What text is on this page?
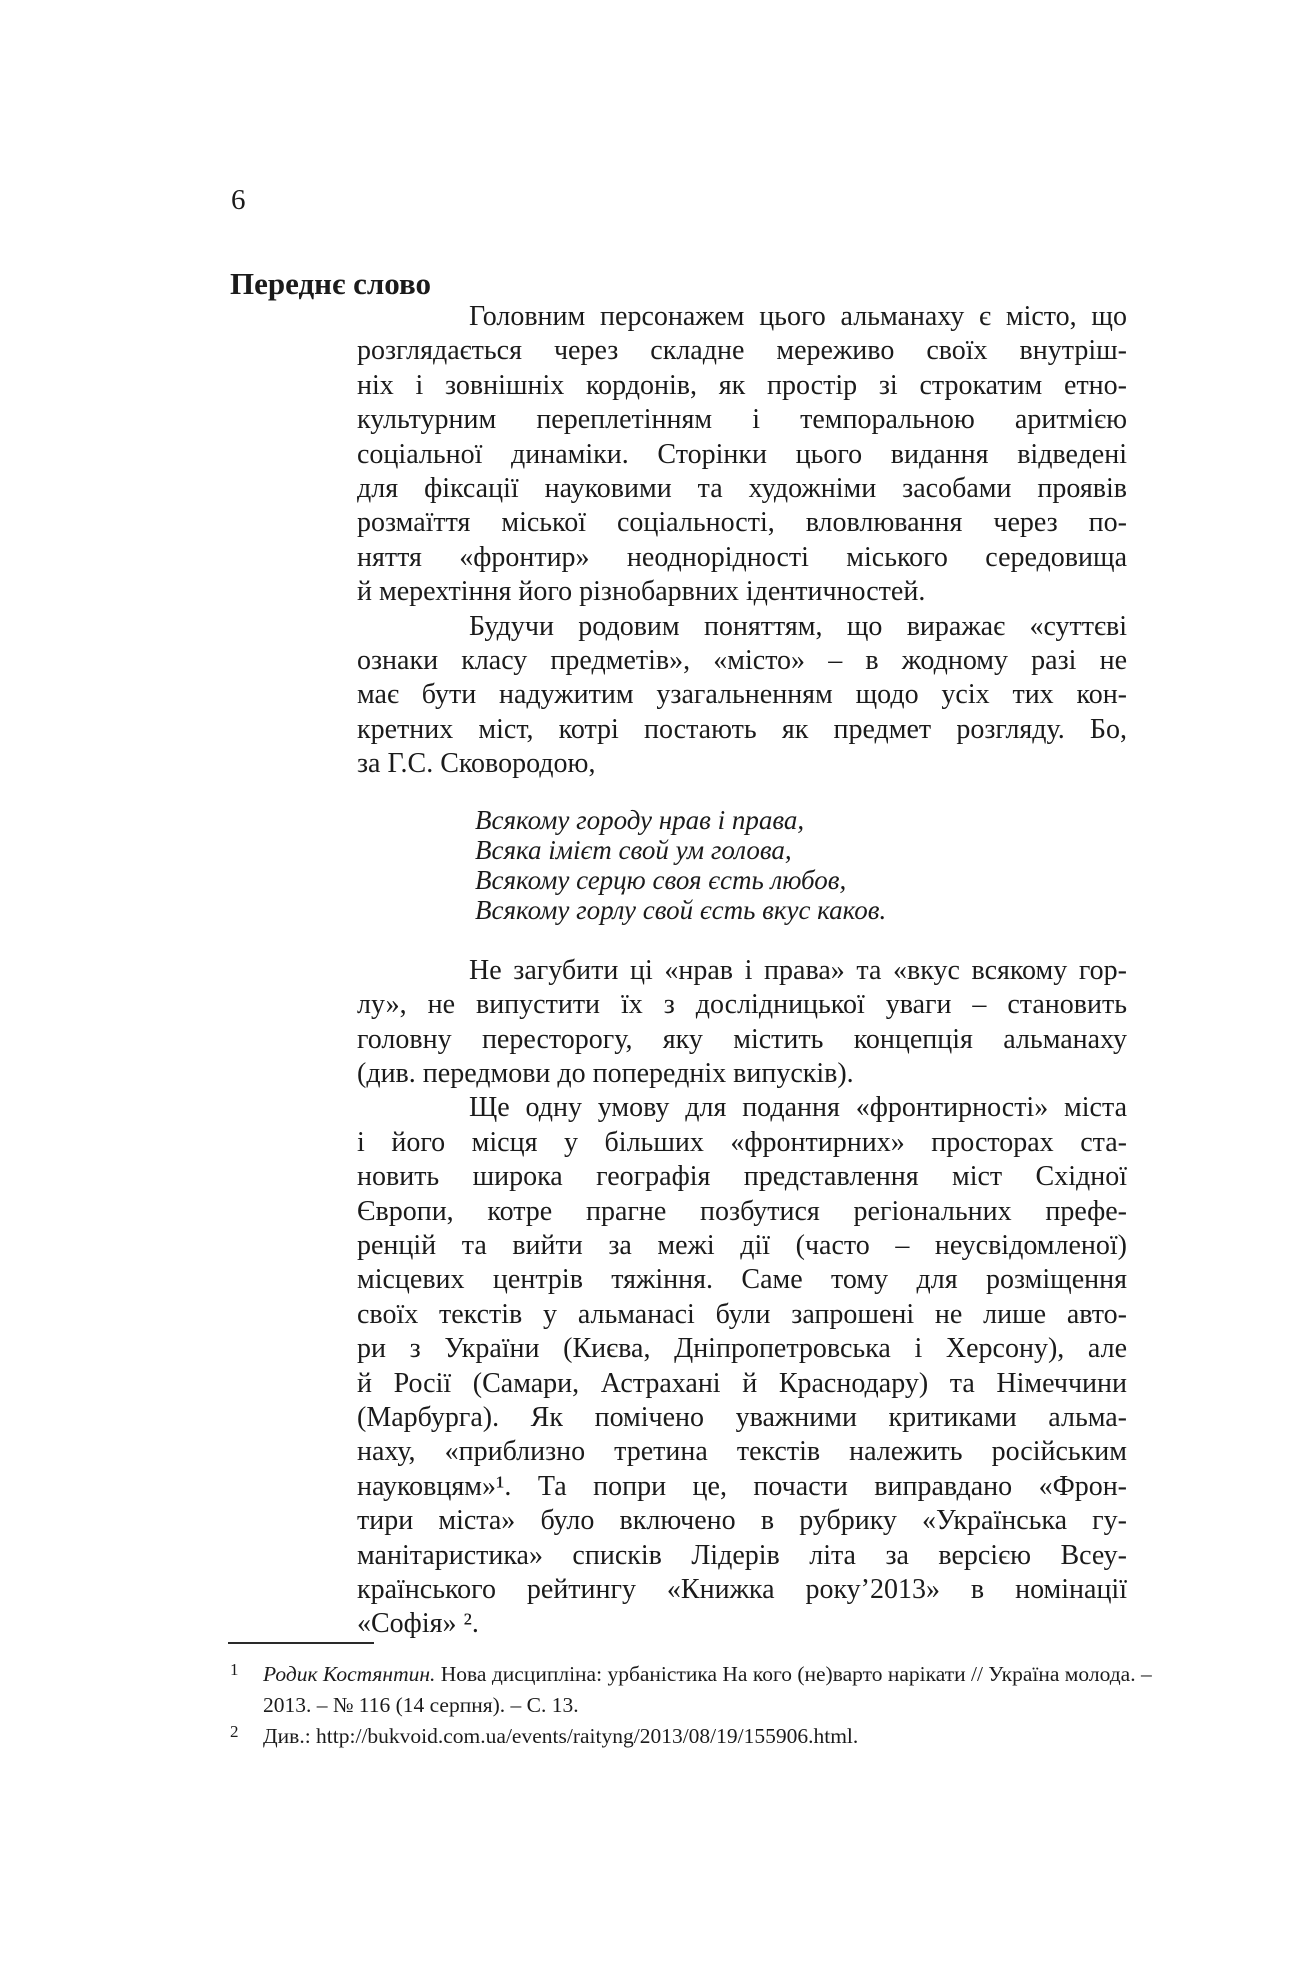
6
Переднє слово
Головним персонажем цього альманаху є місто, що
розглядається через складне мереживо своїх внутріш-
ніх і зовнішніх кордонів, як простір зі строкатим етно-
культурним переплетінням і темпоральною аритмією
соціальної динаміки. Сторінки цього видання відведені
для фіксації науковими та художніми засобами проявів
розмаїття міської соціальності, вловлювання через по-
няття «фронтир» неоднорідності міського середовища
й мерехтіння його різнобарвних ідентичностей.
Будучи родовим поняттям, що виражає «суттєві
ознаки класу предметів», «місто» – в жодному разі не
має бути надужитим узагальненням щодо усіх тих кон-
кретних міст, котрі постають як предмет розгляду. Бо,
за Г.С. Сковородою,
Всякому городу нрав і права,
Всяка імієт свой ум голова,
Всякому серцю своя єсть любов,
Всякому горлу свой єсть вкус каков.
Не загубити ці «нрав і права» та «вкус всякому гор-
лу», не випустити їх з дослідницької уваги – становить
головну пересторогу, яку містить концепція альманаху
(див. передмови до попередніх випусків).
Ще одну умову для подання «фронтирності» міста
і його місця у більших «фронтирних» просторах ста-
новить широка географія представлення міст Східної
Європи, котре прагне позбутися регіональних префе-
ренцій та вийти за межі дії (часто – неусвідомленої)
місцевих центрів тяжіння. Саме тому для розміщення
своїх текстів у альманасі були запрошені не лише авто-
ри з України (Києва, Дніпропетровська і Херсону), але
й Росії (Самари, Астрахані й Краснодару) та Німеччини
(Марбурга). Як помічено уважними критиками альма-
наху, «приблизно третина текстів належить російським
науковцям»¹. Та попри це, почасти виправдано «Фрон-
тири міста» було включено в рубрику «Українська гу-
манітаристика» списків Лідерів літа за версією Всеу-
країнського рейтингу «Книжка року’2013» в номінації
«Софія» ².
1 Родик Костянтин. Нова дисципліна: урбаністика На кого (не)варто нарікати // Україна молода. –
2013. – № 116 (14 серпня). – С. 13.
2 Див.: http://bukvoid.com.ua/events/raityng/2013/08/19/155906.html.
